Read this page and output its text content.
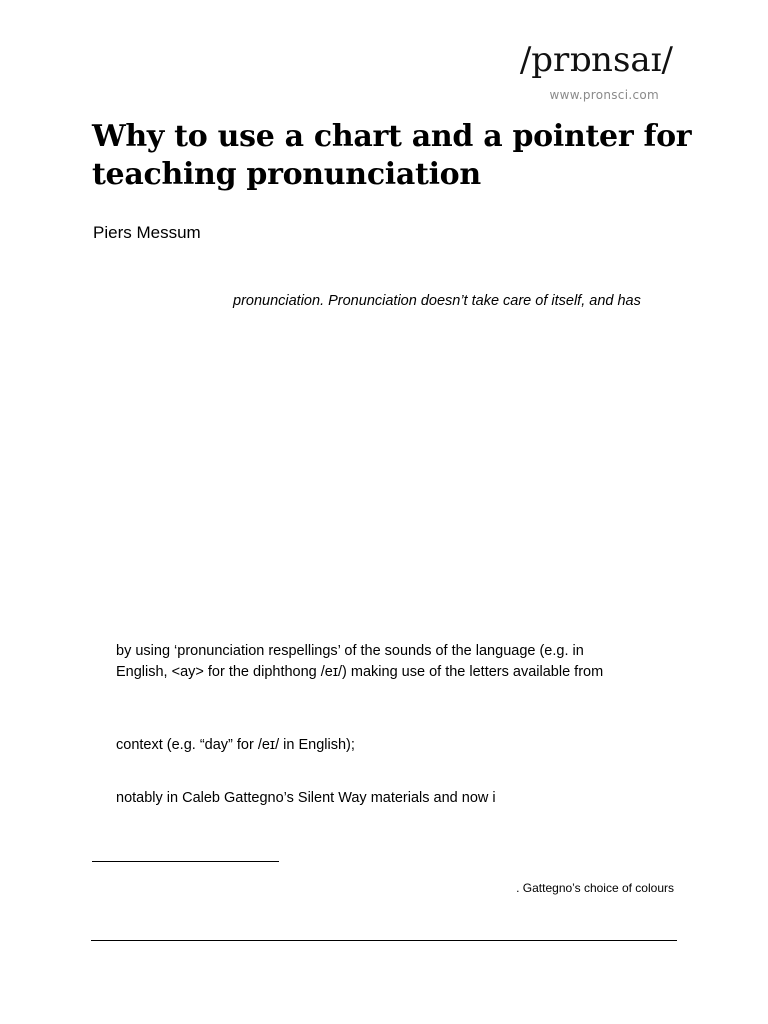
/prɒnsaɪ/
www.pronsci.com
Why to use a chart and a pointer for teaching pronunciation
Piers Messum
pronunciation. Pronunciation doesn’t take care of itself, and has
by using ‘pronunciation respellings’ of the sounds of the language (e.g. in
English, <ay> for the diphthong /eɪ/) making use of the letters available from
context (e.g. “day” for /eɪ/ in English);
notably in Caleb Gattegno’s Silent Way materials and now i
. Gattegno’s choice of colours
